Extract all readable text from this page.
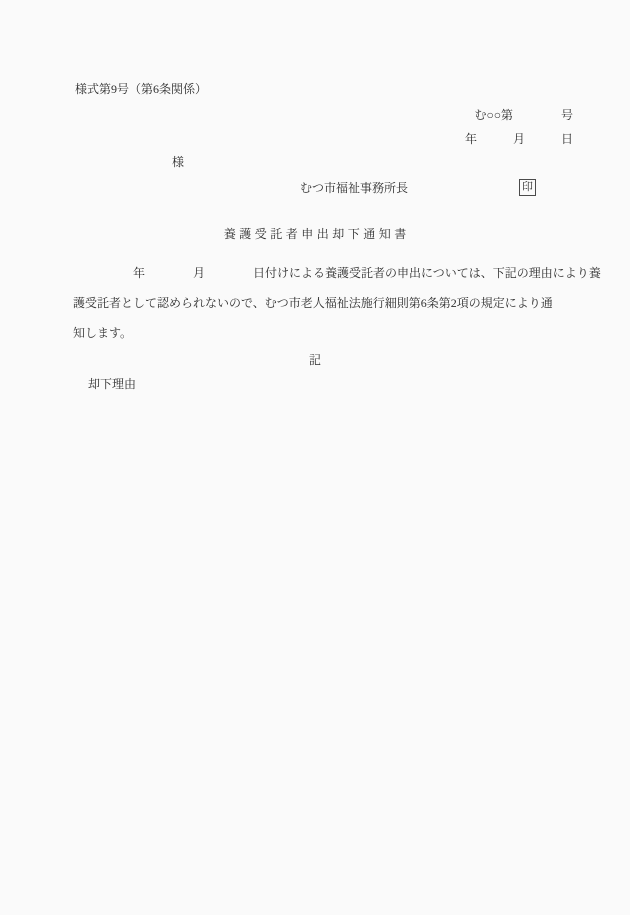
様式第9号（第6条関係）
む○○第　　　　号
年　　　月　　　日
様
むつ市福祉事務所長	印
養護受託者申出却下通知書
　　　　　年　　　　月　　　　日付けによる養護受託者の申出については、下記の理由により養
護受託者として認められないので、むつ市老人福祉法施行細則第6条第2項の規定により通
知します。
記
却下理由
